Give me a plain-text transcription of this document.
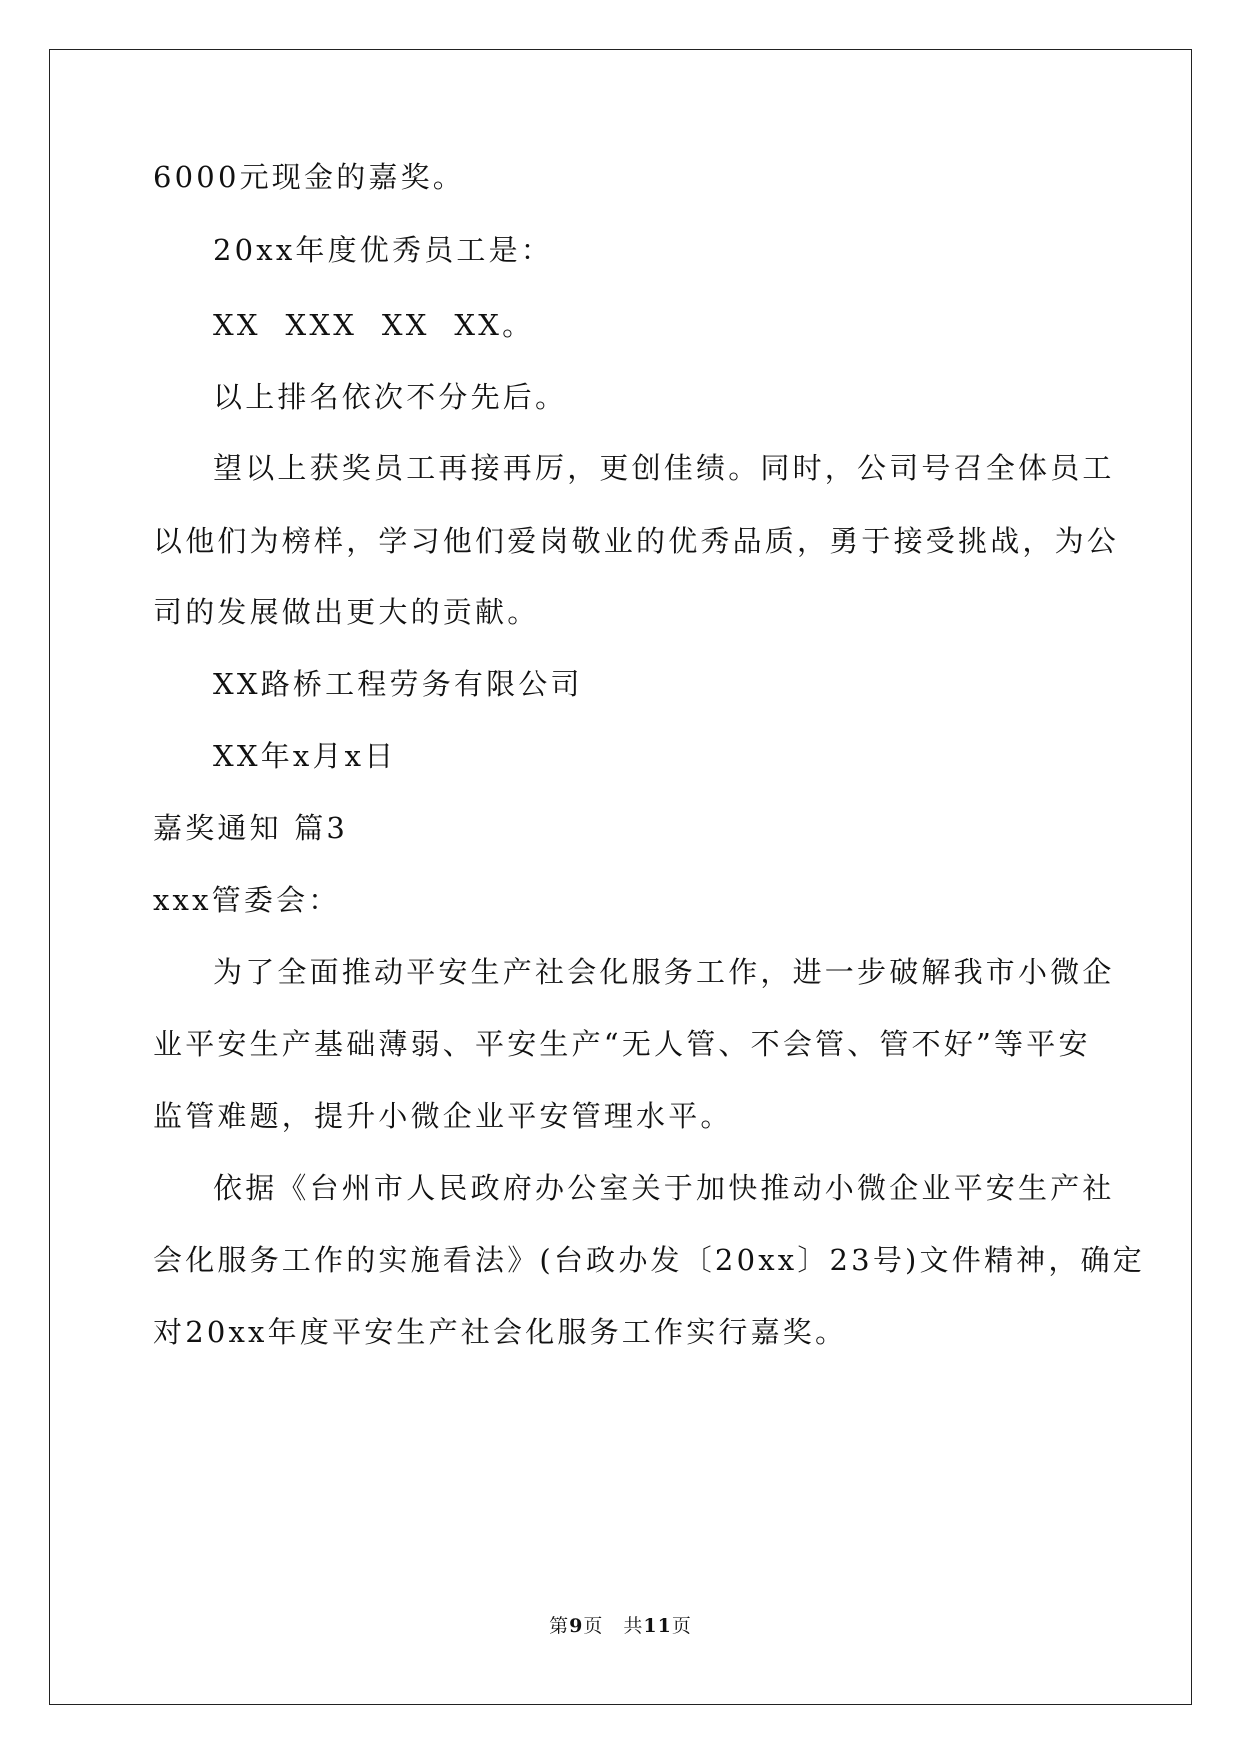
6000元现金的嘉奖。
20xx年度优秀员工是：
XX  XXX  XX  XX。
以上排名依次不分先后。
望以上获奖员工再接再厉，更创佳绩。同时，公司号召全体员工
以他们为榜样，学习他们爱岗敬业的优秀品质，勇于接受挑战，为公
司的发展做出更大的贡献。
XX路桥工程劳务有限公司
XX年x月x日
嘉奖通知 篇3
xxx管委会：
为了全面推动平安生产社会化服务工作，进一步破解我市小微企
业平安生产基础薄弱、平安生产“无人管、不会管、管不好”等平安
监管难题，提升小微企业平安管理水平。
依据《台州市人民政府办公室关于加快推动小微企业平安生产社
会化服务工作的实施看法》(台政办发〔20xx〕23号)文件精神，确定
对20xx年度平安生产社会化服务工作实行嘉奖。
第9页　共11页
